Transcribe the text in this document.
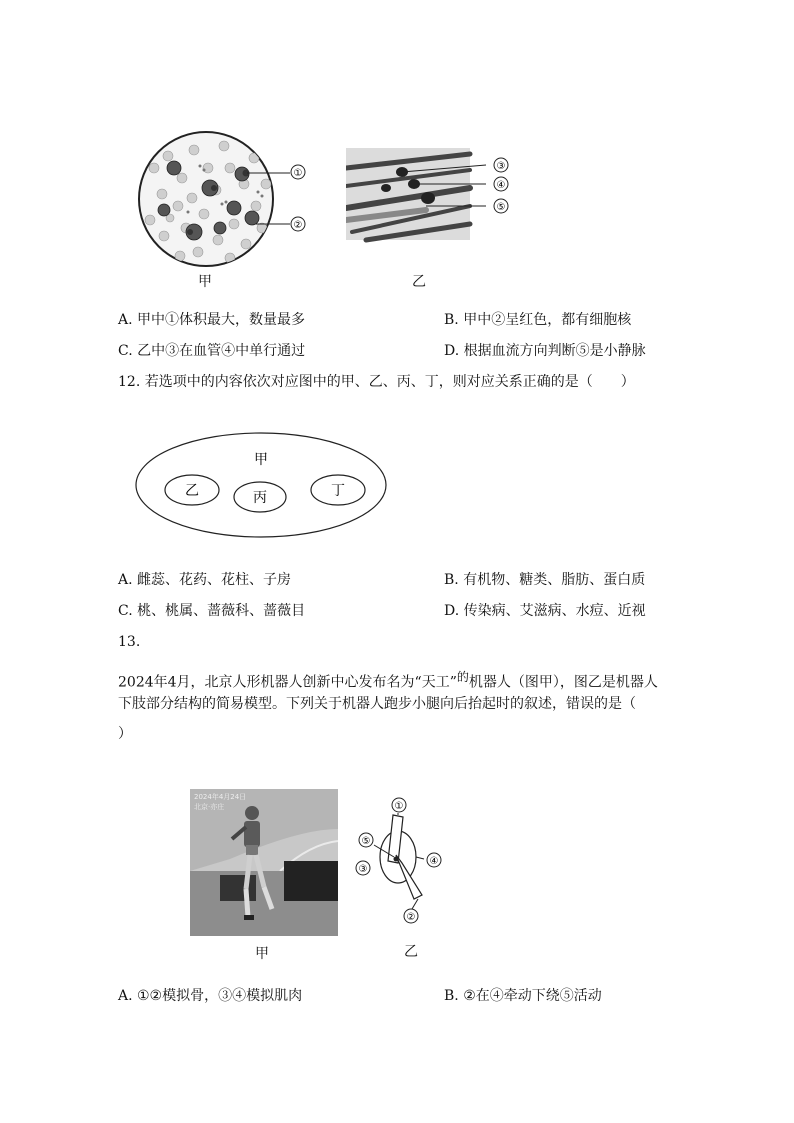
①
②
甲
③
④
⑤
乙
A. 甲中①体积最大，数量最多	B. 甲中②呈红色，都有细胞核
C. 乙中③在血管④中单行通过	D. 根据血流方向判断⑤是小静脉
12. 若选项中的内容依次对应图中的甲、乙、丙、丁，则对应关系正确的是（　　）
甲
乙	丙	丁
A. 雌蕊、花药、花柱、子房	B. 有机物、糖类、脂肪、蛋白质
C. 桃、桃属、蔷薇科、蔷薇目	D. 传染病、艾滋病、水痘、近视
13.
2024年4月，北京人形机器人创新中心发布名为“天工”$^的$机器人（图甲），图乙是机器人
下肢部分结构的简易模型。下列关于机器人跑步小腿向后抬起时的叙述，错误的是（
）
2024年4月24日
北京·亦庄
甲
①
②
③
④
⑤
乙
A. ①②模拟骨，③④模拟肌肉	B. ②在④牵动下绕⑤活动
